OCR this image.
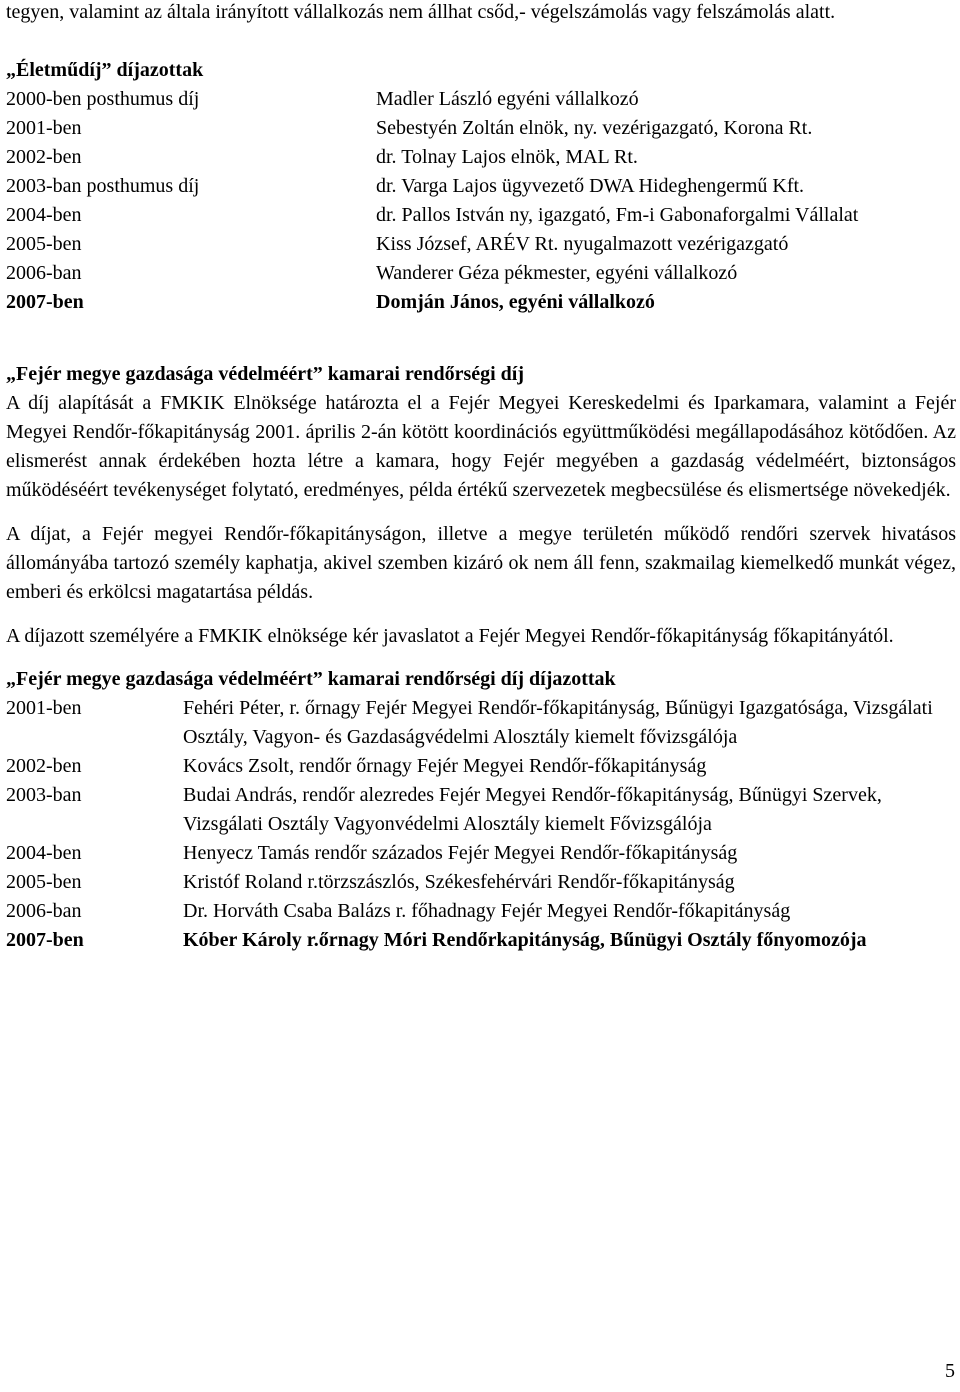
tegyen, valamint az általa irányított vállalkozás nem állhat csőd,- végelszámolás vagy felszámolás alatt.

„Életműdíj” díjazottak

2000-ben posthumus díj	Madler László egyéni vállalkozó
2001-ben	Sebestyén Zoltán elnök, ny. vezérigazgató, Korona Rt.
2002-ben	dr. Tolnay Lajos elnök, MAL Rt.
2003-ban posthumus díj	dr. Varga Lajos ügyvezető DWA Hideghengermű Kft.
2004-ben	dr. Pallos István ny, igazgató, Fm-i Gabonaforgalmi Vállalat
2005-ben	Kiss József, ARÉV Rt. nyugalmazott vezérigazgató
2006-ban	Wanderer Géza pékmester, egyéni vállalkozó
2007-ben	Domján János, egyéni vállalkozó

„Fejér megye gazdasága védelméért” kamarai rendőrségi díj

A díj alapítását a FMKIK Elnöksége határozta el a Fejér Megyei Kereskedelmi és Iparkamara, valamint a Fejér Megyei Rendőr-főkapitányság 2001. április 2-án kötött koordinációs együttműködési megállapodásához kötődően. Az elismerést annak érdekében hozta létre a kamara, hogy Fejér megyében a gazdaság védelméért, biztonságos működéséért tevékenységet folytató, eredményes, példa értékű szervezetek megbecsülése és elismertsége növekedjék.

A díjat, a Fejér megyei Rendőr-főkapitányságon, illetve a megye területén működő rendőri szervek hivatásos állományába tartozó személy kaphatja, akivel szemben kizáró ok nem áll fenn, szakmailag kiemelkedő munkát végez, emberi és erkölcsi magatartása példás.

A díjazott személyére a FMKIK elnöksége kér javaslatot a Fejér Megyei Rendőr-főkapitányság főkapitányától.

„Fejér megye gazdasága védelméért” kamarai rendőrségi díj díjazottak

2001-ben	Fehéri Péter, r. őrnagy Fejér Megyei Rendőr-főkapitányság, Bűnügyi Igazgatósága, Vizsgálati Osztály, Vagyon- és Gazdaságvédelmi Alosztály kiemelt fővizsgálója
2002-ben	Kovács Zsolt, rendőr őrnagy Fejér Megyei Rendőr-főkapitányság
2003-ban	Budai András, rendőr alezredes Fejér Megyei Rendőr-főkapitányság, Bűnügyi Szervek, Vizsgálati Osztály Vagyonvédelmi Alosztály kiemelt Fővizsgálója
2004-ben	Henyecz Tamás rendőr százados Fejér Megyei Rendőr-főkapitányság
2005-ben	Kristóf Roland r.törzszászlós, Székesfehérvári Rendőr-főkapitányság
2006-ban	Dr. Horváth Csaba Balázs r. főhadnagy Fejér Megyei Rendőr-főkapitányság
2007-ben	Kóber Károly r.őrnagy Móri Rendőrkapitányság, Bűnügyi Osztály főnyomozója
5
